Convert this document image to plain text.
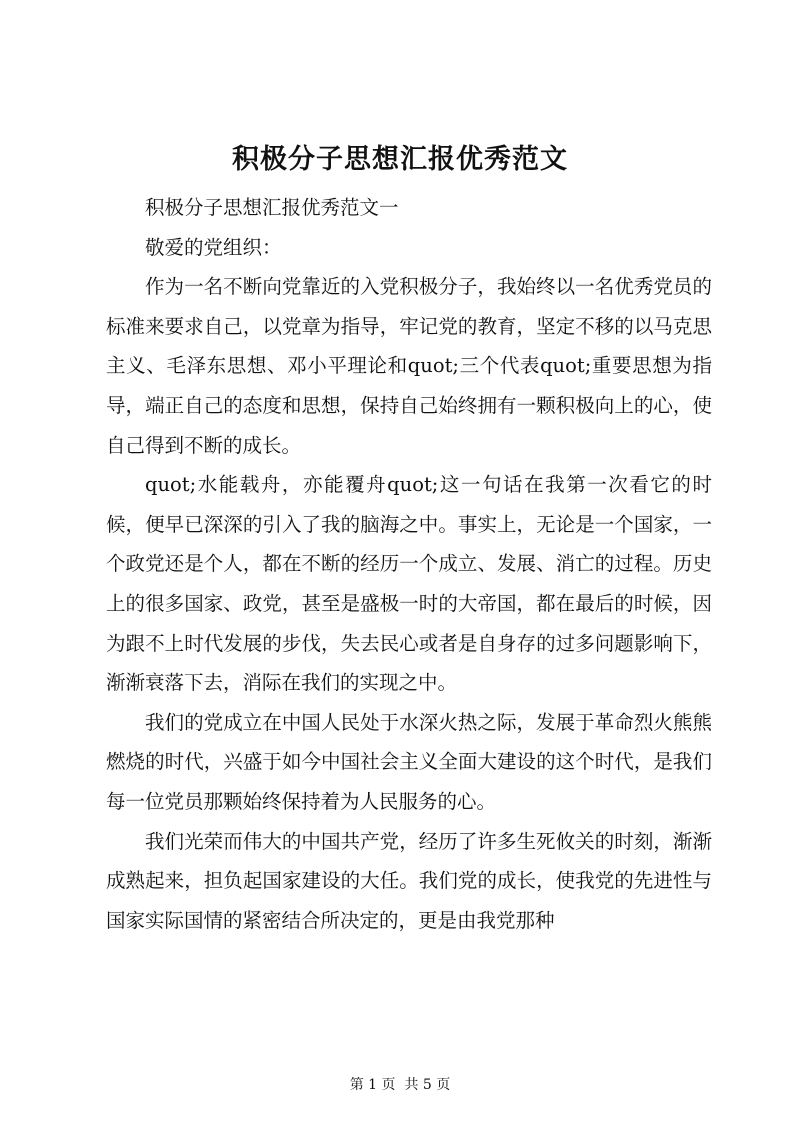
积极分子思想汇报优秀范文

积极分子思想汇报优秀范文一

敬爱的党组织：

作为一名不断向党靠近的入党积极分子，我始终以一名优秀党员的标准来要求自己，以党章为指导，牢记党的教育，坚定不移的以马克思主义、毛泽东思想、邓小平理论和quot;三个代表quot;重要思想为指导，端正自己的态度和思想，保持自己始终拥有一颗积极向上的心，使自己得到不断的成长。

quot;水能载舟，亦能覆舟quot;这一句话在我第一次看它的时候，便早已深深的引入了我的脑海之中。事实上，无论是一个国家，一个政党还是个人，都在不断的经历一个成立、发展、消亡的过程。历史上的很多国家、政党，甚至是盛极一时的大帝国，都在最后的时候，因为跟不上时代发展的步伐，失去民心或者是自身存的过多问题影响下，渐渐衰落下去，消际在我们的实现之中。

我们的党成立在中国人民处于水深火热之际，发展于革命烈火熊熊燃烧的时代，兴盛于如今中国社会主义全面大建设的这个时代，是我们每一位党员那颗始终保持着为人民服务的心。

我们光荣而伟大的中国共产党，经历了许多生死攸关的时刻，渐渐成熟起来，担负起国家建设的大任。我们党的成长，使我党的先进性与国家实际国情的紧密结合所决定的，更是由我党那种

第 1 页  共 5 页
